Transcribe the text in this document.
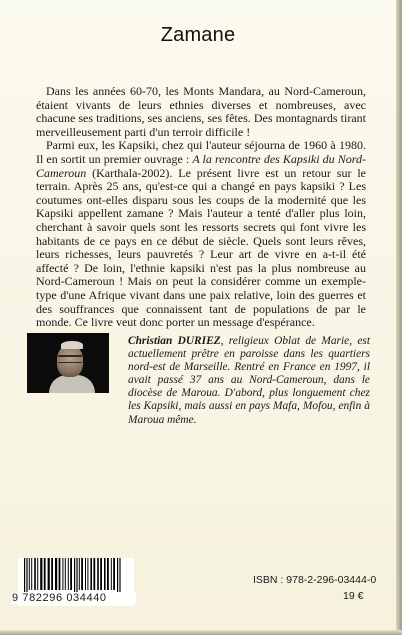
Zamane

Dans les années 60-70, les Monts Mandara, au Nord-Cameroun, étaient vivants de leurs ethnies diverses et nombreuses, avec chacune ses traditions, ses anciens, ses fêtes. Des montagnards tirant merveilleusement parti d'un terroir difficile !

Parmi eux, les Kapsiki, chez qui l'auteur séjourna de 1960 à 1980. Il en sortit un premier ouvrage : A la rencontre des Kapsiki du Nord-Cameroun (Karthala-2002). Le présent livre est un retour sur le terrain. Après 25 ans, qu'est-ce qui a changé en pays kapsiki ? Les coutumes ont-elles disparu sous les coups de la modernité que les Kapsiki appellent zamane ? Mais l'auteur a tenté d'aller plus loin, cherchant à savoir quels sont les ressorts secrets qui font vivre les habitants de ce pays en ce début de siècle. Quels sont leurs rêves, leurs richesses, leurs pauvretés ? Leur art de vivre en a-t-il été affecté ? De loin, l'ethnie kapsiki n'est pas la plus nombreuse au Nord-Cameroun ! Mais on peut la considérer comme un exemple-type d'une Afrique vivant dans une paix relative, loin des guerres et des souffrances que connaissent tant de populations de par le monde. Ce livre veut donc porter un message d'espérance.

Christian DURIEZ, religieux Oblat de Marie, est actuellement prêtre en paroisse dans les quartiers nord-est de Marseille. Rentré en France en 1997, il avait passé 37 ans au Nord-Cameroun, dans le diocèse de Maroua. D'abord, plus longuement chez les Kapsiki, mais aussi en pays Mafa, Mofou, enfin à Maroua même.

9 782296 034440
ISBN : 978-2-296-03444-0
19 €
